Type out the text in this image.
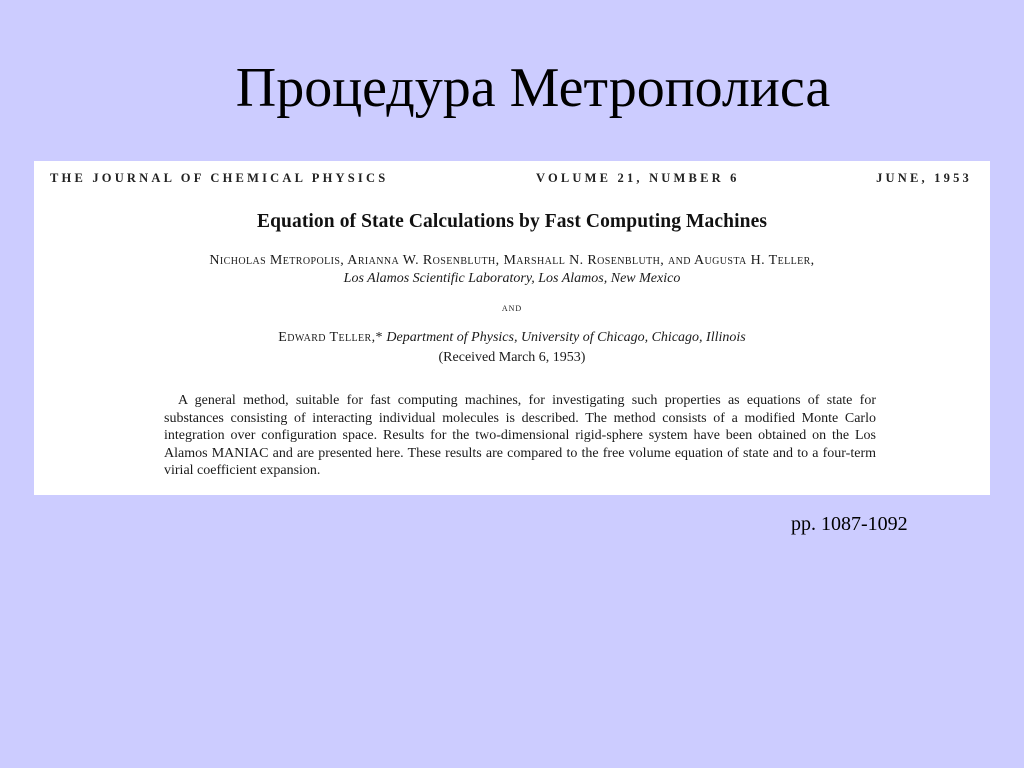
Процедура Метрополиса
THE JOURNAL OF CHEMICAL PHYSICS	VOLUME 21, NUMBER 6	JUNE, 1953
Equation of State Calculations by Fast Computing Machines
Nicholas Metropolis, Arianna W. Rosenbluth, Marshall N. Rosenbluth, and Augusta H. Teller,
Los Alamos Scientific Laboratory, Los Alamos, New Mexico
and
Edward Teller,* Department of Physics, University of Chicago, Chicago, Illinois
(Received March 6, 1953)

A general method, suitable for fast computing machines, for investigating such properties as equations of state for substances consisting of interacting individual molecules is described. The method consists of a modified Monte Carlo integration over configuration space. Results for the two-dimensional rigid-sphere system have been obtained on the Los Alamos MANIAC and are presented here. These results are compared to the free volume equation of state and to a four-term virial coefficient expansion.

pp. 1087-1092
